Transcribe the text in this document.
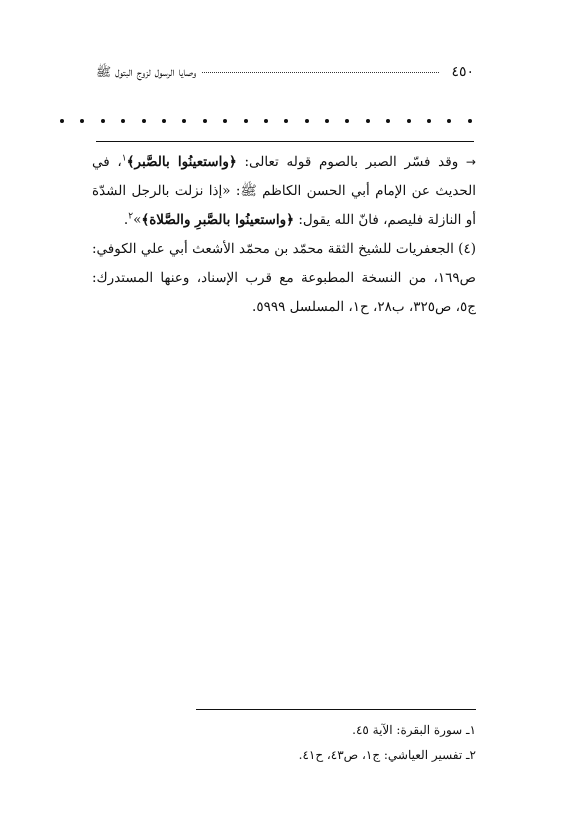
٤٥٠
وصايا الرسول لزوج البتول ﷺ

→ وقد فسّر الصبر بالصوم قوله تعالى: ﴿واستعينُوا بالصَّبر﴾$^١$، في الحديث عن الإمام أبي الحسن الكاظم ﷺ: «إذا نزلت بالرجل الشدّة أو النازلة فليصم، فانّ الله يقول: ﴿واستعينُوا بالصَّبرِ والصَّلاة﴾»$^٢$.

(٤) الجعفريات للشيخ الثقة محمّد بن محمّد الأشعث أبي علي الكوفي: ص١٦٩، من النسخة المطبوعة مع قرب الإسناد، وعنها المستدرك: ج٥، ص٣٢٥، ب٢٨، ح١، المسلسل ٥٩٩٩.

١ـ سورة البقرة: الآية ٤٥.
٢ـ تفسير العياشي: ج١، ص٤٣، ح٤١.
